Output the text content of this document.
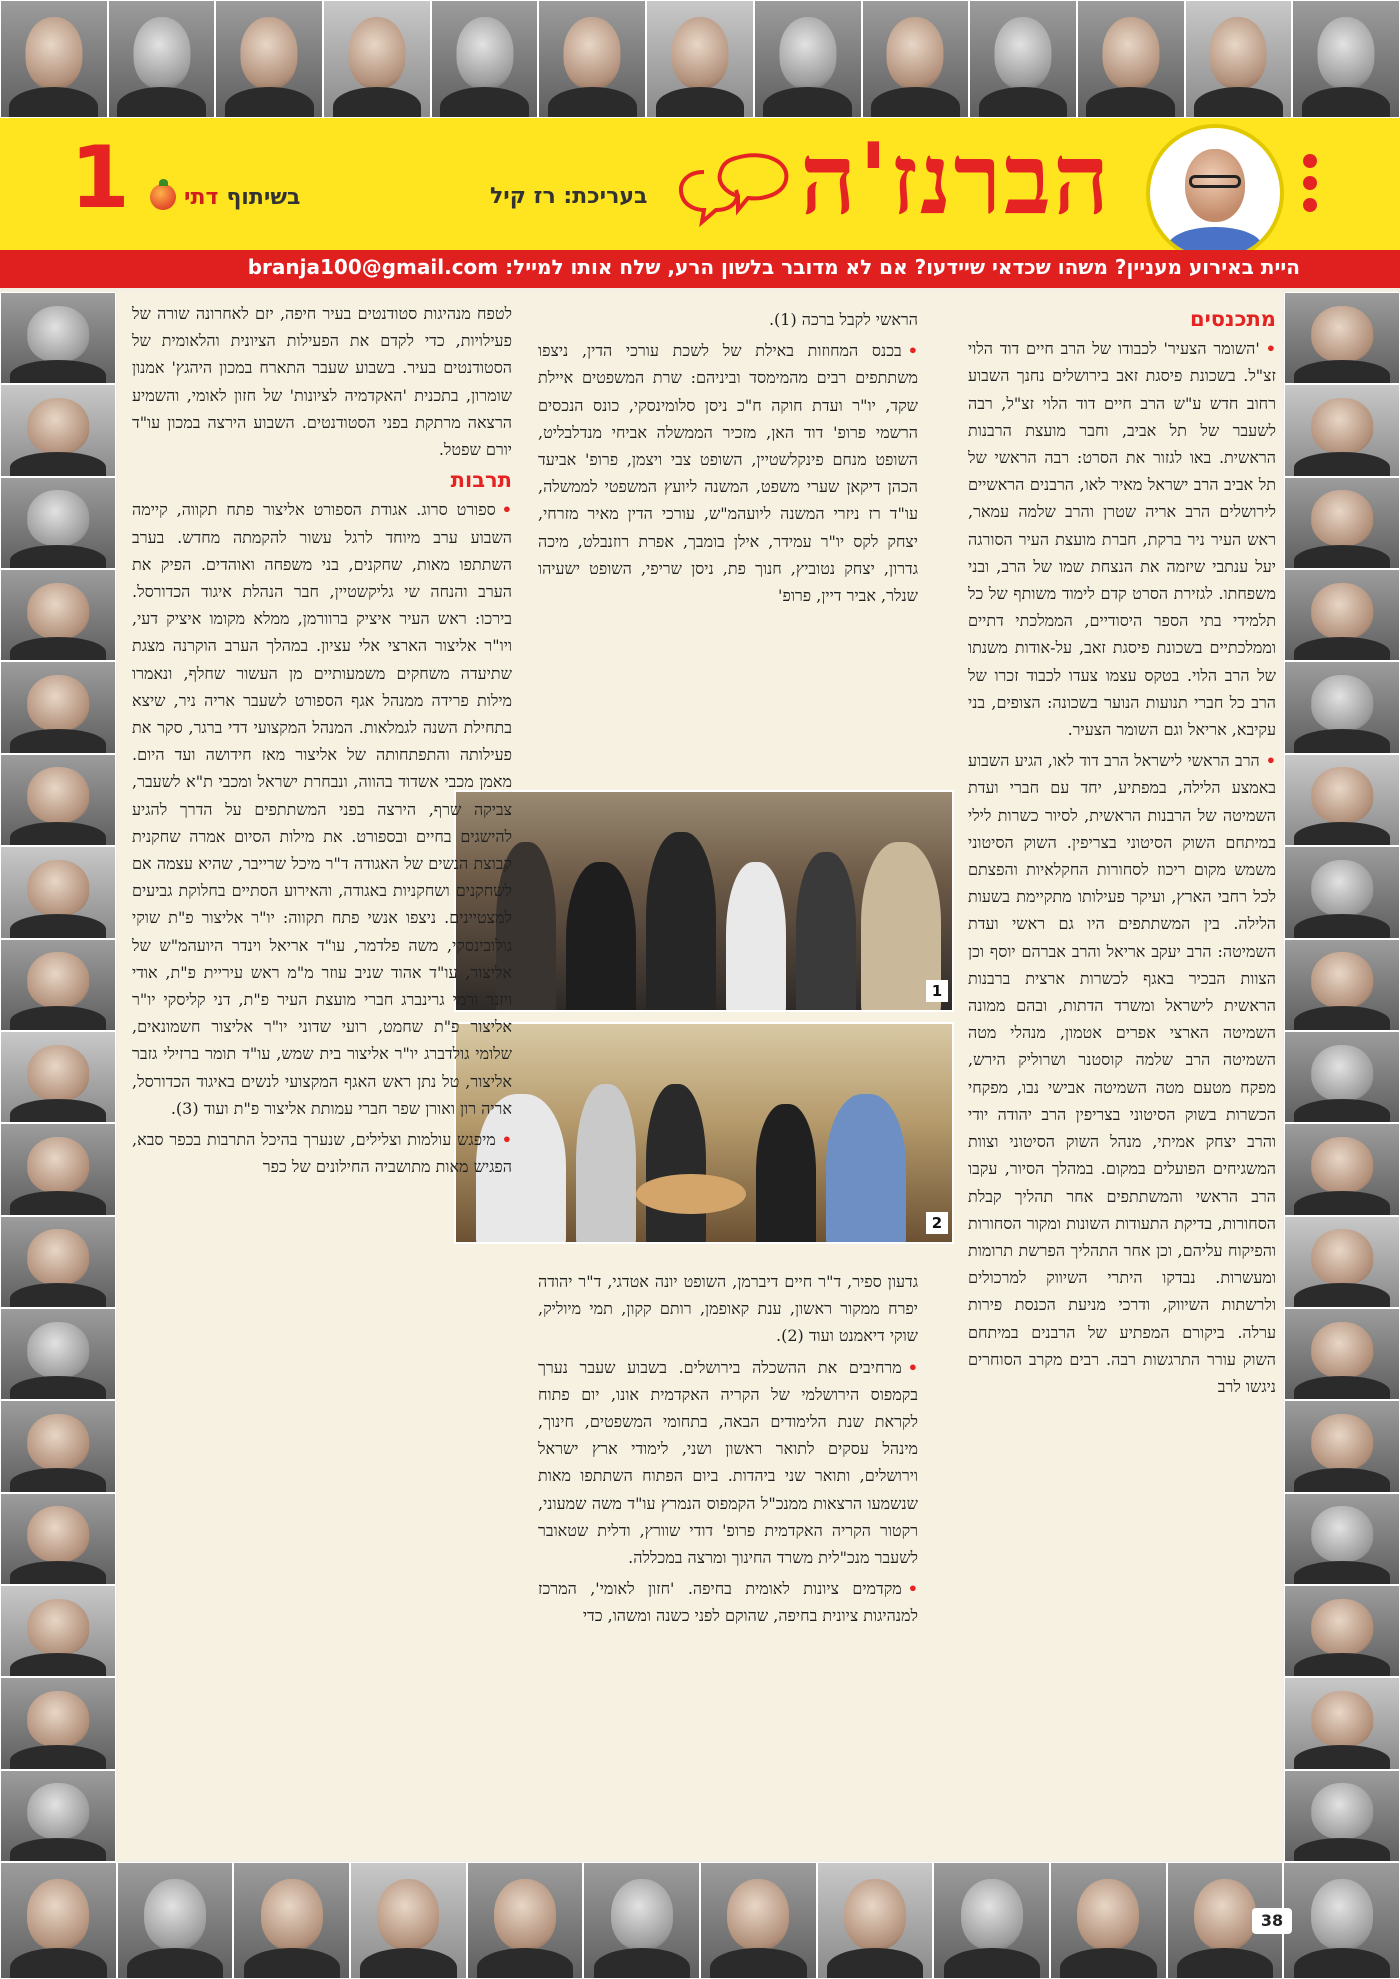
1	בשיתוף
דתי	בעריכת: רז קיל הברנז'ה
היית באירוע מעניין? משהו שכדאי שיידעו? אם לא מדובר בלשון הרע, שלח אותו למייל: branja100@gmail.com
מתכנסים

•'השומר הצעיר' לכבודו של הרב חיים דוד הלוי זצ"ל. בשכונת פיסגת זאב בירושלים נחנך השבוע רחוב חדש ע"ש הרב חיים דוד הלוי זצ"ל, רבה לשעבר של תל אביב, וחבר מועצת הרבנות הראשית. באו לגזור את הסרט: רבה הראשי של תל אביב הרב ישראל מאיר לאו, הרבנים הראשיים לירושלים הרב אריה שטרן והרב שלמה עמאר, ראש העיר ניר ברקת, חברת מועצת העיר הסורגה יעל ענתבי שיזמה את הנצחת שמו של הרב, ובני משפחתו. לגזירת הסרט קדם לימוד משותף של כל תלמידי בתי הספר היסודיים, הממלכתי דתיים וממלכתיים בשכונת פיסגת זאב, על-אודות משנתו של הרב הלוי. בטקס עצמו צעדו לכבוד זכרו של הרב כל חברי תנועות הנוער בשכונה: הצופים, בני עקיבא, אריאל וגם השומר הצעיר.

•הרב הראשי לישראל הרב דוד לאו, הגיע השבוע באמצע הלילה, במפתיע, יחד עם חברי ועדת השמיטה של הרבנות הראשית, לסיור כשרות לילי במיתחם השוק הסיטוני בצריפין. השוק הסיטוני משמש מקום ריכוז לסחורות החקלאיות והפצתם לכל רחבי הארץ, ועיקר פעילותו מתקיימת בשעות הלילה. בין המשתתפים היו גם ראשי ועדת השמיטה: הרב יעקב אריאל והרב אברהם יוסף וכן הצוות הבכיר באגף לכשרות ארצית ברבנות הראשית לישראל ומשרד הדתות, ובהם ממונה השמיטה הארצי אפרים אטמון, מנהלי מטה השמיטה הרב שלמה קוסטנר ושרוליק הירש, מפקח מטעם מטה השמיטה אבישי נבו, מפקחי הכשרות בשוק הסיטוני בצריפין הרב יהודה יודי והרב יצחק אמיתי, מנהל השוק הסיטוני וצוות המשגיחים הפועלים במקום. במהלך הסיור, עקבו הרב הראשי והמשתתפים אחר תהליך קבלת הסחורות, בדיקת התעודות השונות ומקור הסחורות והפיקוח עליהם, וכן אחר התהליך הפרשת תרומות ומעשרות. נבדקו היתרי השיווק למרכולים ולרשתות השיווק, ודרכי מניעת הכנסת פירות ערלה. ביקורם המפתיע של הרבנים במיתחם השוק עורר התרגשות רבה. רבים מקרב הסוחרים ניגשו לרב

הראשי לקבל ברכה (1).

•בכנס המחוזות באילת של לשכת עורכי הדין, ניצפו משתתפים רבים מהמימסד וביניהם: שרת המשפטים איילת שקד, יו"ר ועדת חוקה ח"כ ניסן סלומינסקי, כונס הנכסים הרשמי פרופ' דוד האן, מזכיר הממשלה אביחי מנדלבליט, השופט מנחם פינקלשטיין, השופט צבי ויצמן, פרופ' אביעד הכהן דיקאן שערי משפט, המשנה ליועץ המשפטי לממשלה, עו"ד רז ניזרי המשנה ליועהמ"ש, עורכי הדין מאיר מזרחי, יצחק לקס יו"ר עמידר, אילן בומבך, אפרת רוזנבלט, מיכה גדרון, יצחק נטוביץ, חנוך פת, ניסן שריפי, השופט ישעיהו שנלר, אביר דיין, פרופ'

1
2

גדעון ספיר, ד"ר חיים דיברמן, השופט יונה אטדגי, ד"ר יהודה יפרח ממקור ראשון, ענת קאופמן, רותם קקון, תמי מיוליק, שוקי דיאמנט ועוד (2).

•מרחיבים את ההשכלה בירושלים. בשבוע שעבר נערך בקמפוס הירושלמי של הקריה האקדמית אונו, יום פתוח לקראת שנת הלימודים הבאה, בתחומי המשפטים, חינוך, מינהל עסקים לתואר ראשון ושני, לימודי ארץ ישראל וירושלים, ותואר שני ביהדות. ביום הפתוח השתתפו מאות שנשמעו הרצאות ממנכ"ל הקמפוס הנמרץ עו"ד משה שמעוני, רקטור הקריה האקדמית פרופ' דודי שוורץ, ודלית שטאובר לשעבר מנכ"לית משרד החינוך ומרצה במכללה.

•מקדמים ציונות לאומית בחיפה. 'חזון לאומי', המרכז למנהיגות ציונית בחיפה, שהוקם לפני כשנה ומשהו, כדי

לטפח מנהיגות סטודנטים בעיר חיפה, יזם לאחרונה שורה של פעילויות, כדי לקדם את הפעילות הציונית והלאומית של הסטודנטים בעיר. בשבוע שעבר התארח במכון היהגץ' אמנון שומרון, בתכנית 'האקדמיה לציונות' של חזון לאומי, והשמיע הרצאה מרתקת בפני הסטודנטים. השבוע הירצה במכון עו"ד יורם שפטל.

תרבות

•ספורט סרוג. אגודת הספורט אליצור פתח תקווה, קיימה השבוע ערב מיוחד לרגל עשור להקמתה מחדש. בערב השתתפו מאות, שחקנים, בני משפחה ואוהדים. הפיק את הערב והנחה שי גליקשטיין, חבר הנהלת איגוד הכדורסל. בירכו: ראש העיר איציק ברוורמן, ממלא מקומו איציק דעי, ויו"ר אליצור הארצי אלי עציון. במהלך הערב הוקרנה מצגת שתיעדה משחקים משמעותיים מן העשור שחלף, ונאמרו מילות פרידה ממנהל אגף הספורט לשעבר אריה ניר, שיצא בתחילת השנה לגמלאות. המנהל המקצועי דדי ברגר, סקר את פעילותה והתפתחותה של אליצור מאז חידושה ועד היום. מאמן מכבי אשדוד בהווה, ונבחרת ישראל ומכבי ת"א לשעבר, צביקה שרף, הירצה בפני המשתתפים על הדרך להגיע להישגים בחיים ובספורט. את מילות הסיום אמרה שחקנית קבוצת הנשים של האגודה ד"ר מיכל שרייבר, שהיא עצמה אם לשחקנים ושחקניות באגודה, והאירוע הסתיים בחלוקת גביעים למצטיינים. ניצפו אנשי פתח תקווה: יו"ר אליצור פ"ת שוקי גולובינסקי, משה פלדמר, עו"ד אריאל וינדר היועהמ"ש של אליצור, עו"ד אהוד שניב עוזר מ"מ ראש עיריית פ"ת, אודי ויזנר ורמי גרינברג חברי מועצת העיר פ"ת, דני קליסקי יו"ר אליצור פ"ת שחמט, רועי שדוני יו"ר אליצור חשמונאים, שלומי גולדברג יו"ר אליצור בית שמש, עו"ד תומר ברזילי גזבר אליצור, טל נתן ראש האגף המקצועי לנשים באיגוד הכדורסל, אריה רון ואורן שפר חברי עמותת אליצור פ"ת ועוד (3).

•מיפגש עולמות וצלילים, שנערך בהיכל התרבות בכפר סבא, הפגיש מאות מתושביה החילונים של כפר

38
